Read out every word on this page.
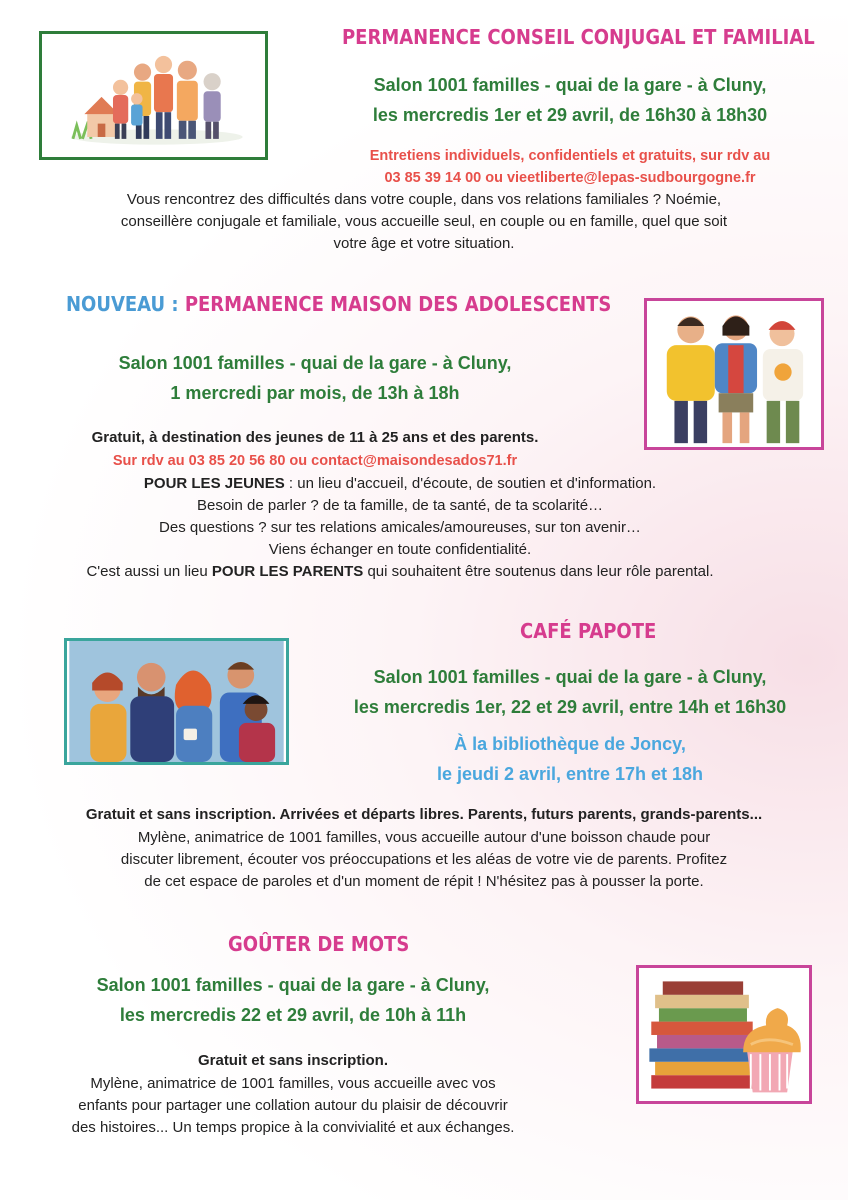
PERMANENCE CONSEIL CONJUGAL ET FAMILIAL
Salon 1001 familles - quai de la gare - à Cluny,
les mercredis 1er et 29 avril, de 16h30 à 18h30
Entretiens individuels, confidentiels et gratuits, sur rdv au
03 85 39 14 00 ou vieetliberte@lepas-sudbourgogne.fr
Vous rencontrez des difficultés dans votre couple, dans vos relations familiales ? Noémie,
conseillère conjugale et familiale, vous accueille seul, en couple ou en famille, quel que soit
votre âge et votre situation.
NOUVEAU : PERMANENCE MAISON DES ADOLESCENTS
Salon 1001 familles - quai de la gare - à Cluny,
1 mercredi par mois, de 13h à 18h
Gratuit, à destination des jeunes de 11 à 25 ans et des parents.
Sur rdv au 03 85 20 56 80 ou contact@maisondesados71.fr
POUR LES JEUNES : un lieu d'accueil, d'écoute, de soutien et d'information.
Besoin de parler ? de ta famille, de ta santé, de ta scolarité…
Des questions ? sur tes relations amicales/amoureuses, sur ton avenir…
Viens échanger en toute confidentialité.
C'est aussi un lieu POUR LES PARENTS qui souhaitent être soutenus dans leur rôle parental.
CAFÉ PAPOTE
Salon 1001 familles - quai de la gare - à Cluny,
les mercredis 1er, 22 et 29 avril, entre 14h et 16h30
À la bibliothèque de Joncy,
le jeudi 2 avril, entre 17h et 18h
Gratuit et sans inscription. Arrivées et départs libres. Parents, futurs parents, grands-parents...
Mylène, animatrice de 1001 familles, vous accueille autour d'une boisson chaude pour
discuter librement, écouter vos préoccupations et les aléas de votre vie de parents. Profitez
de cet espace de paroles et d'un moment de répit ! N'hésitez pas à pousser la porte.
GOÛTER DE MOTS
Salon 1001 familles - quai de la gare - à Cluny,
les mercredis 22 et 29 avril, de 10h à 11h
Gratuit et sans inscription.
Mylène, animatrice de 1001 familles, vous accueille avec vos
enfants pour partager une collation autour du plaisir de découvrir
des histoires... Un temps propice à la convivialité et aux échanges.
